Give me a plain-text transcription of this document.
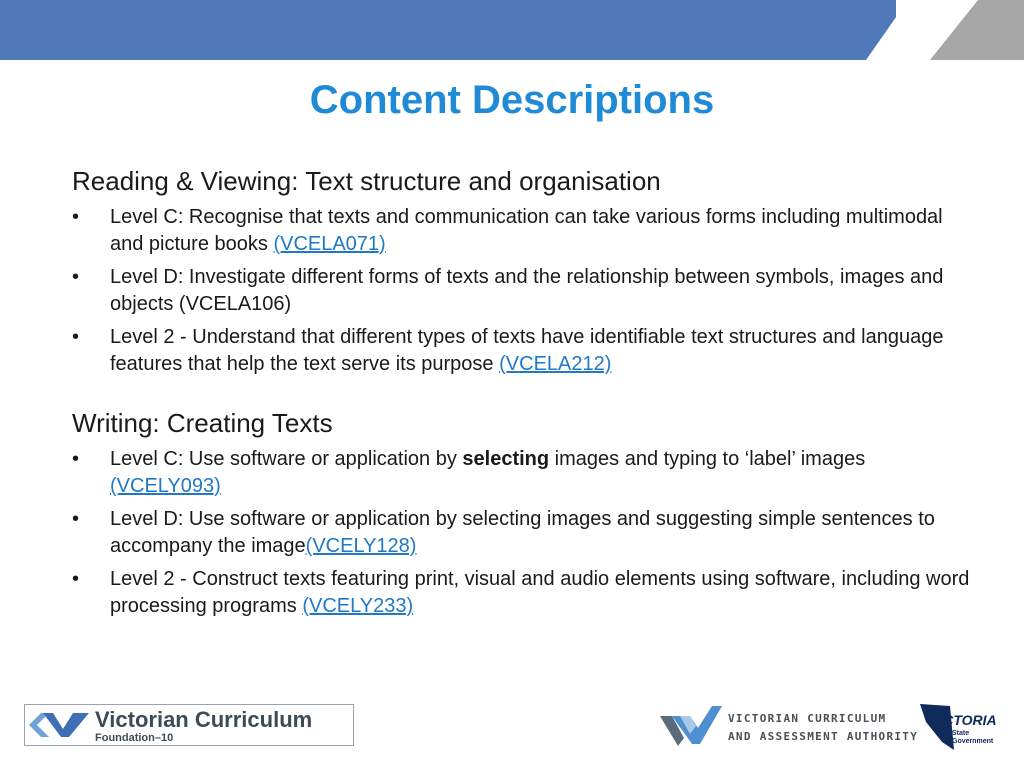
Content Descriptions
Reading & Viewing: Text structure and organisation
• Level C: Recognise that texts and communication can take various forms including multimodal and picture books (VCELA071)
• Level D: Investigate different forms of texts and the relationship between symbols, images and objects (VCELA106)
• Level 2 - Understand that different types of texts have identifiable text structures and language features that help the text serve its purpose (VCELA212)
Writing: Creating Texts
• Level C: Use software or application by selecting images and typing to ‘label’ images (VCELY093)
• Level D: Use software or application by selecting images and suggesting simple sentences to accompany the image(VCELY128)
• Level 2 - Construct texts featuring print, visual and audio elements using software, including word processing programs (VCELY233)
Victorian Curriculum
Foundation–10
VICTORIAN CURRICULUM
AND ASSESSMENT AUTHORITY
VICTORIA
State
Government
